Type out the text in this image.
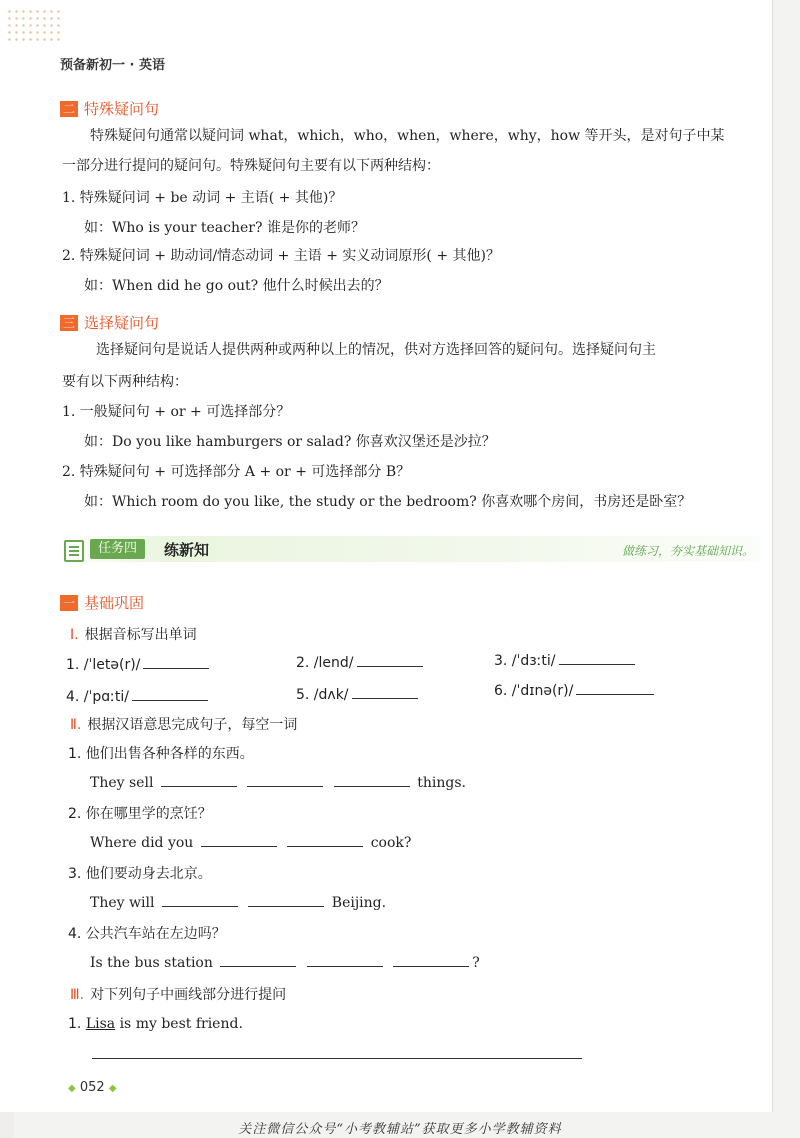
预备新初一 · 英语
二 特殊疑问句
特殊疑问句通常以疑问词 what，which，who，when，where，why，how 等开头，是对句子中某
一部分进行提问的疑问句。特殊疑问句主要有以下两种结构：
1. 特殊疑问词 + be 动词 + 主语( + 其他)？
如：Who is your teacher? 谁是你的老师？
2. 特殊疑问词 + 助动词/情态动词 + 主语 + 实义动词原形( + 其他)？
如：When did he go out? 他什么时候出去的？
三 选择疑问句
选择疑问句是说话人提供两种或两种以上的情况，供对方选择回答的疑问句。选择疑问句主
要有以下两种结构：
1. 一般疑问句 + or + 可选择部分？
如：Do you like hamburgers or salad? 你喜欢汉堡还是沙拉？
2. 特殊疑问句 + 可选择部分 A + or + 可选择部分 B？
如：Which room do you like, the study or the bedroom? 你喜欢哪个房间，书房还是卧室？
任务四	练新知	做练习，夯实基础知识。
一 基础巩固
Ⅰ. 根据音标写出单词
1. /ˈletə(r)/	2. /lend/	3. /ˈdɜːti/
4. /ˈpɑːti/	5. /dʌk/	6. /ˈdɪnə(r)/
Ⅱ. 根据汉语意思完成句子，每空一词
1. 他们出售各种各样的东西。
They sell	things.
2. 你在哪里学的烹饪？
Where did you	cook?
3. 他们要动身去北京。
They will	Beijing.
4. 公共汽车站在左边吗？
Is the bus station	?
Ⅲ. 对下列句子中画线部分进行提问
1. Lisa is my best friend.
◆ 052 ◆
关注微信公众号“小考教辅站”获取更多小学教辅资料
